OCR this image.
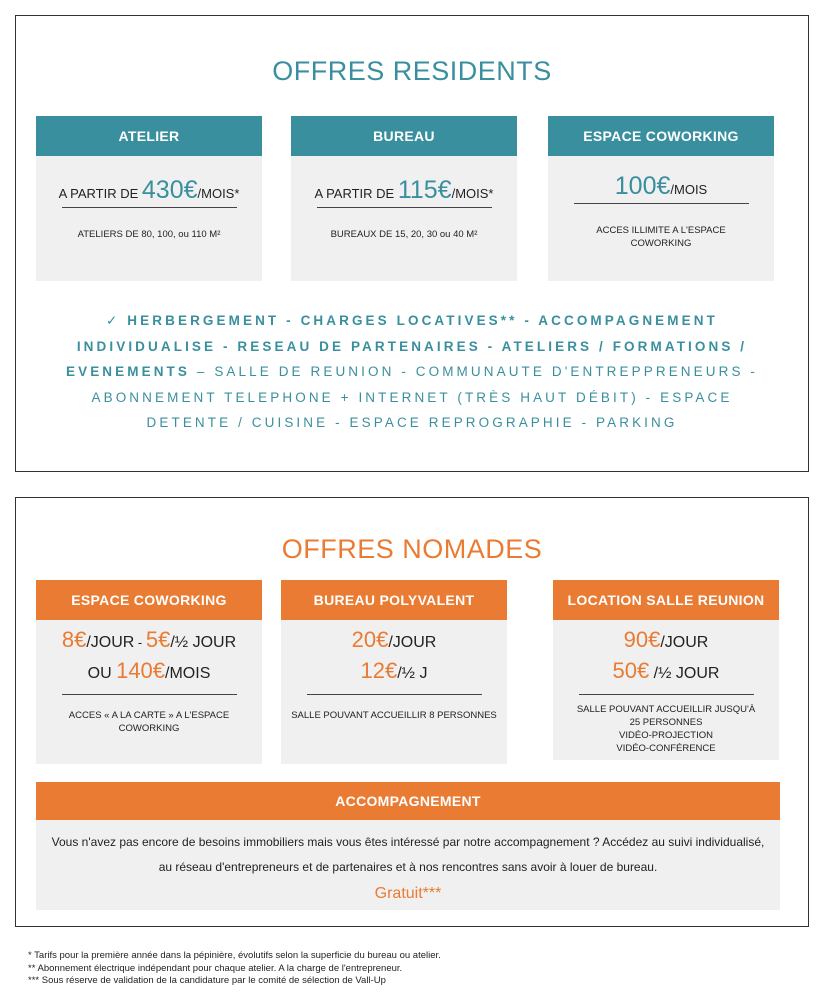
OFFRES RESIDENTS
ATELIER
A PARTIR DE 430€/MOIS*
ATELIERS DE 80, 100, ou 110 M²
BUREAU
A PARTIR DE 115€/MOIS*
BUREAUX DE 15, 20, 30 ou 40 M²
ESPACE COWORKING
100€/MOIS
ACCES ILLIMITE A L'ESPACE COWORKING
✓ HERBERGEMENT - CHARGES LOCATIVES** - ACCOMPAGNEMENT INDIVIDUALISE - RESEAU DE PARTENAIRES - ATELIERS / FORMATIONS / EVENEMENTS – SALLE DE REUNION - COMMUNAUTE D'ENTREPPRENEURS - ABONNEMENT TELEPHONE + INTERNET (TRÈS HAUT DÉBIT) - ESPACE DETENTE / CUISINE - ESPACE REPROGRAPHIE - PARKING
OFFRES NOMADES
ESPACE COWORKING
8€/JOUR - 5€/½ JOUR
OU 140€/MOIS
ACCES « A LA CARTE » A L'ESPACE COWORKING
BUREAU POLYVALENT
20€/JOUR
12€/½ J
SALLE POUVANT ACCUEILLIR 8 PERSONNES
LOCATION SALLE REUNION
90€/JOUR
50€ /½ JOUR
SALLE POUVANT ACCUEILLIR JUSQU'À
25 PERSONNES
VIDÉO-PROJECTION
VIDÉO-CONFÉRENCE
ACCOMPAGNEMENT
Vous n'avez pas encore de besoins immobiliers mais vous êtes intéressé par notre accompagnement ? Accédez au suivi individualisé, au réseau d'entrepreneurs et de partenaires et à nos rencontres sans avoir à louer de bureau.
Gratuit***
* Tarifs pour la première année dans la pépinière, évolutifs selon la superficie du bureau ou atelier.
** Abonnement électrique indépendant pour chaque atelier. A la charge de l'entrepreneur.
*** Sous réserve de validation de la candidature par le comité de sélection de Vall-Up
